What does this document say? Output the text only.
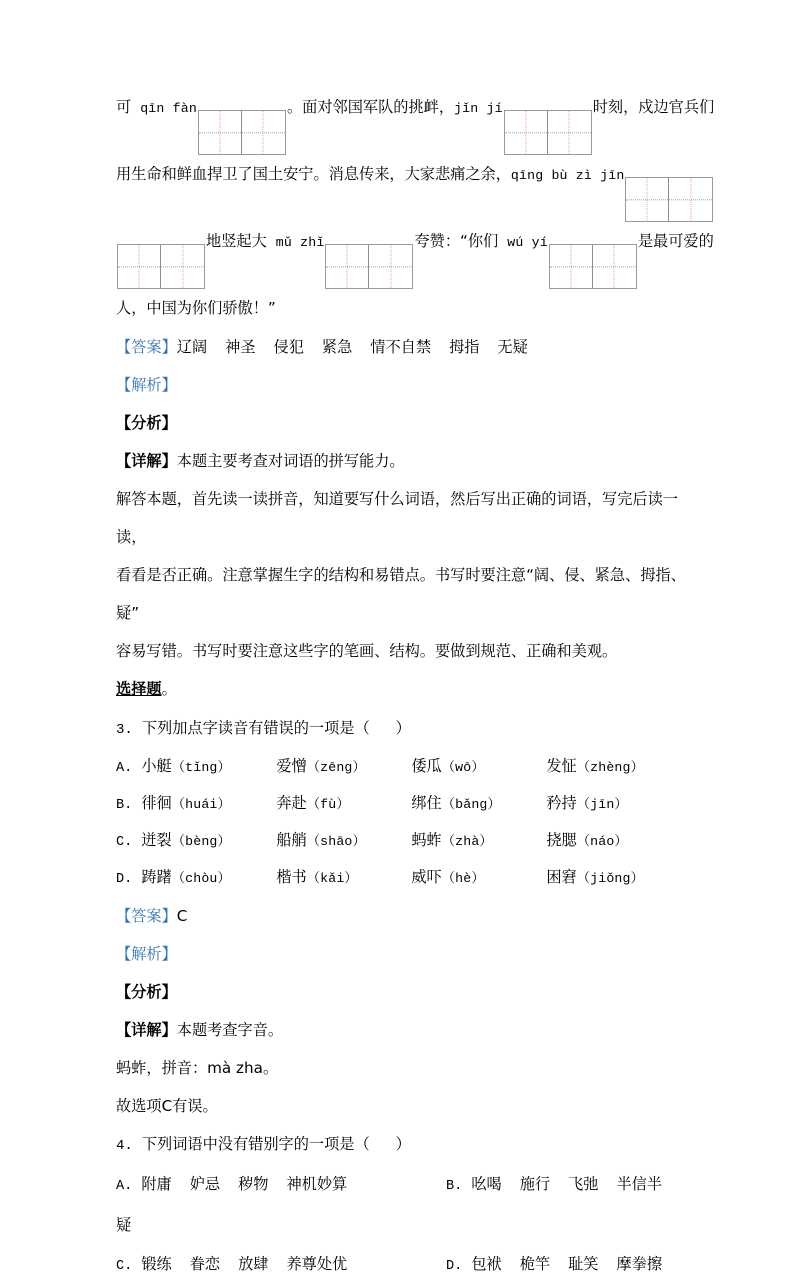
可 qīn fàn	。面对邻国军队的挑衅，jǐn jí	时刻，戍边官兵们
用生命和鲜血捍卫了国土安宁。消息传来，大家悲痛之余，qīng bù zì jīn
地竖起大 mǔ zhǐ	夸赞：“你们 wú yí	是最可爱的
人，中国为你们骄傲！”
【答案】辽阔 神圣 侵犯 紧急 情不自禁 拇指 无疑
【解析】
【分析】
【详解】本题主要考查对词语的拼写能力。
解答本题，首先读一读拼音，知道要写什么词语，然后写出正确的词语，写完后读一读，
看看是否正确。注意掌握生字的结构和易错点。书写时要注意“阔、侵、紧急、拇指、疑”
容易写错。书写时要注意这些字的笔画、结构。要做到规范、正确和美观。
选择题。
3. 下列加点字读音有错误的一项是（ ）
A. 小艇（tǐng）	爱憎（zēng）	倭瓜（wō）	发怔（zhèng）
B. 徘徊（huái）	奔赴（fù）	绑住（bǎng）	矜持（jīn）
C. 迸裂（bèng）	船艄（shāo）	蚂蚱（zhà）	挠腮（náo）
D. 踌躇（chòu）	楷书（kǎi）	威吓（hè）	困窘（jiǒng）
【答案】C
【解析】
【分析】
【详解】本题考查字音。
蚂蚱，拼音：mà zha。
故选项C有误。
4. 下列词语中没有错别字的一项是（ ）
A. 附庸 妒忌 秽物 神机妙算	B. 吆喝 施行 飞弛 半信半
疑
C. 锻练 眷恋 放肆 养尊处优	D. 包袱 桅竿 耻笑 摩拳擦
